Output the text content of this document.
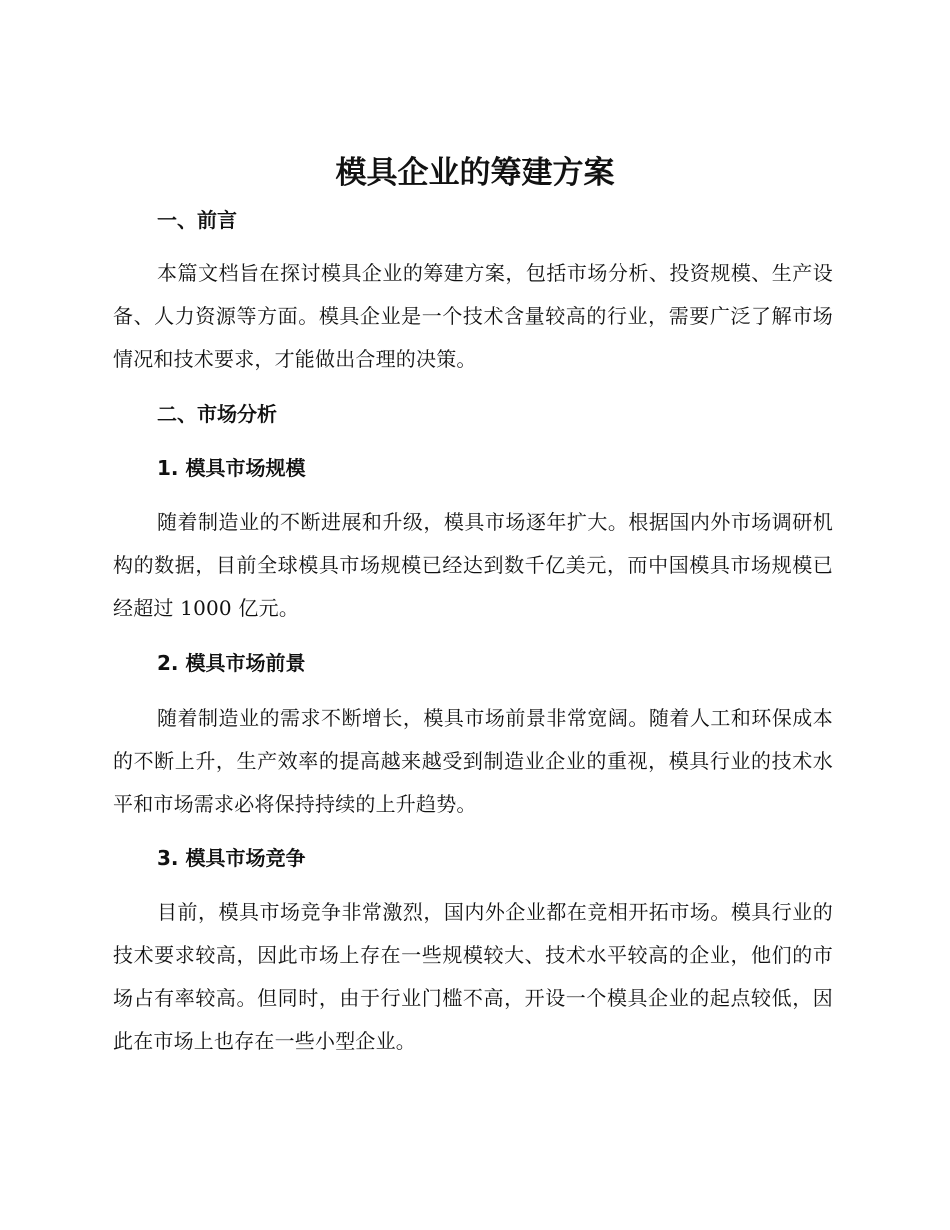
模具企业的筹建方案
一、前言

本篇文档旨在探讨模具企业的筹建方案，包括市场分析、投资规模、生产设备、人力资源等方面。模具企业是一个技术含量较高的行业，需要广泛了解市场情况和技术要求，才能做出合理的决策。

二、市场分析
1. 模具市场规模

随着制造业的不断进展和升级，模具市场逐年扩大。根据国内外市场调研机构的数据，目前全球模具市场规模已经达到数千亿美元，而中国模具市场规模已经超过 1000 亿元。

2. 模具市场前景

随着制造业的需求不断增长，模具市场前景非常宽阔。随着人工和环保成本的不断上升，生产效率的提高越来越受到制造业企业的重视，模具行业的技术水平和市场需求必将保持持续的上升趋势。

3. 模具市场竞争

目前，模具市场竞争非常激烈，国内外企业都在竞相开拓市场。模具行业的技术要求较高，因此市场上存在一些规模较大、技术水平较高的企业，他们的市场占有率较高。但同时，由于行业门槛不高，开设一个模具企业的起点较低，因此在市场上也存在一些小型企业。
